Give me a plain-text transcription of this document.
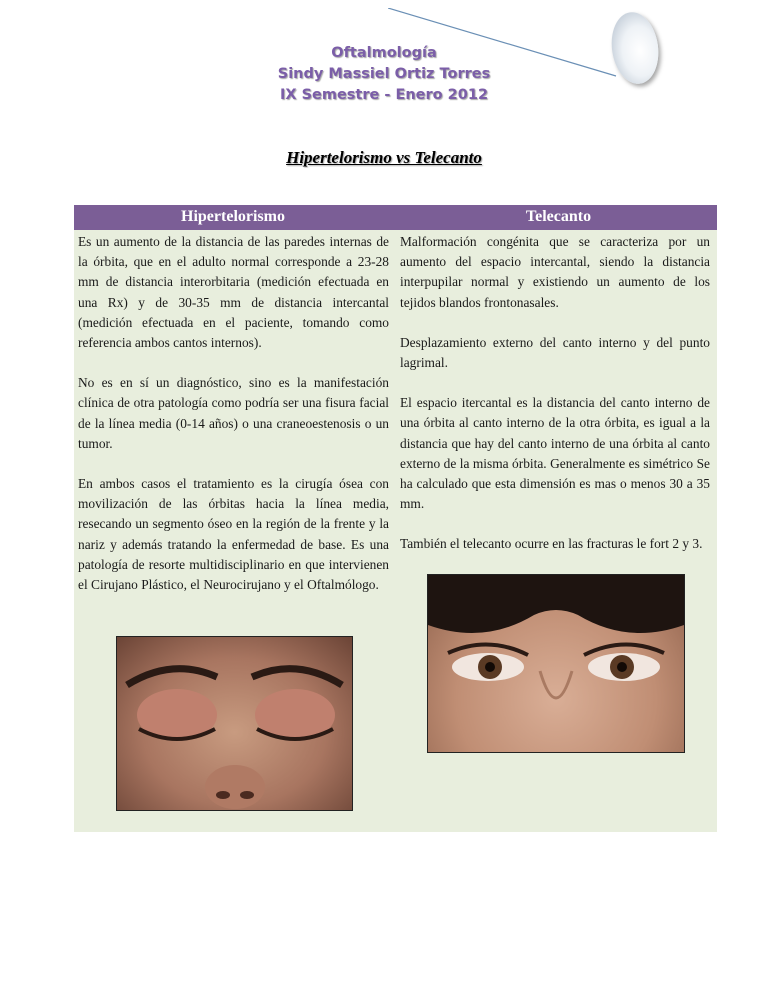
Oftalmología
Sindy Massiel Ortiz Torres
IX Semestre - Enero 2012
Hipertelorismo vs Telecanto
Hipertelorismo	Telecanto

Es un aumento de la distancia de las paredes internas de la órbita, que en el adulto normal corresponde a 23-28 mm de distancia interorbitaria (medición efectuada en una Rx) y de 30-35 mm de distancia intercantal (medición efectuada en el paciente, tomando como referencia ambos cantos internos).

No es en sí un diagnóstico, sino es la manifestación clínica de otra patología como podría ser una fisura facial de la línea media (0-14 años) o una craneoestenosis o un tumor.

En ambos casos el tratamiento es la cirugía ósea con movilización de las órbitas hacia la línea media, resecando un segmento óseo en la región de la frente y la nariz y además tratando la enfermedad de base. Es una patología de resorte multidisciplinario en que intervienen el Cirujano Plástico, el Neurocirujano y el Oftalmólogo.

Malformación congénita que se caracteriza por un aumento del espacio intercantal, siendo la distancia interpupilar normal y existiendo un aumento de los tejidos blandos frontonasales.

Desplazamiento externo del canto interno y del punto lagrimal.

El espacio itercantal es la distancia del canto interno de una órbita al canto interno de la otra órbita, es igual a la distancia que hay del canto interno de una órbita al canto externo de la misma órbita. Generalmente es simétrico Se ha calculado que esta dimensión es mas o menos 30 a 35 mm.

También el telecanto ocurre en las fracturas le fort 2 y 3.
